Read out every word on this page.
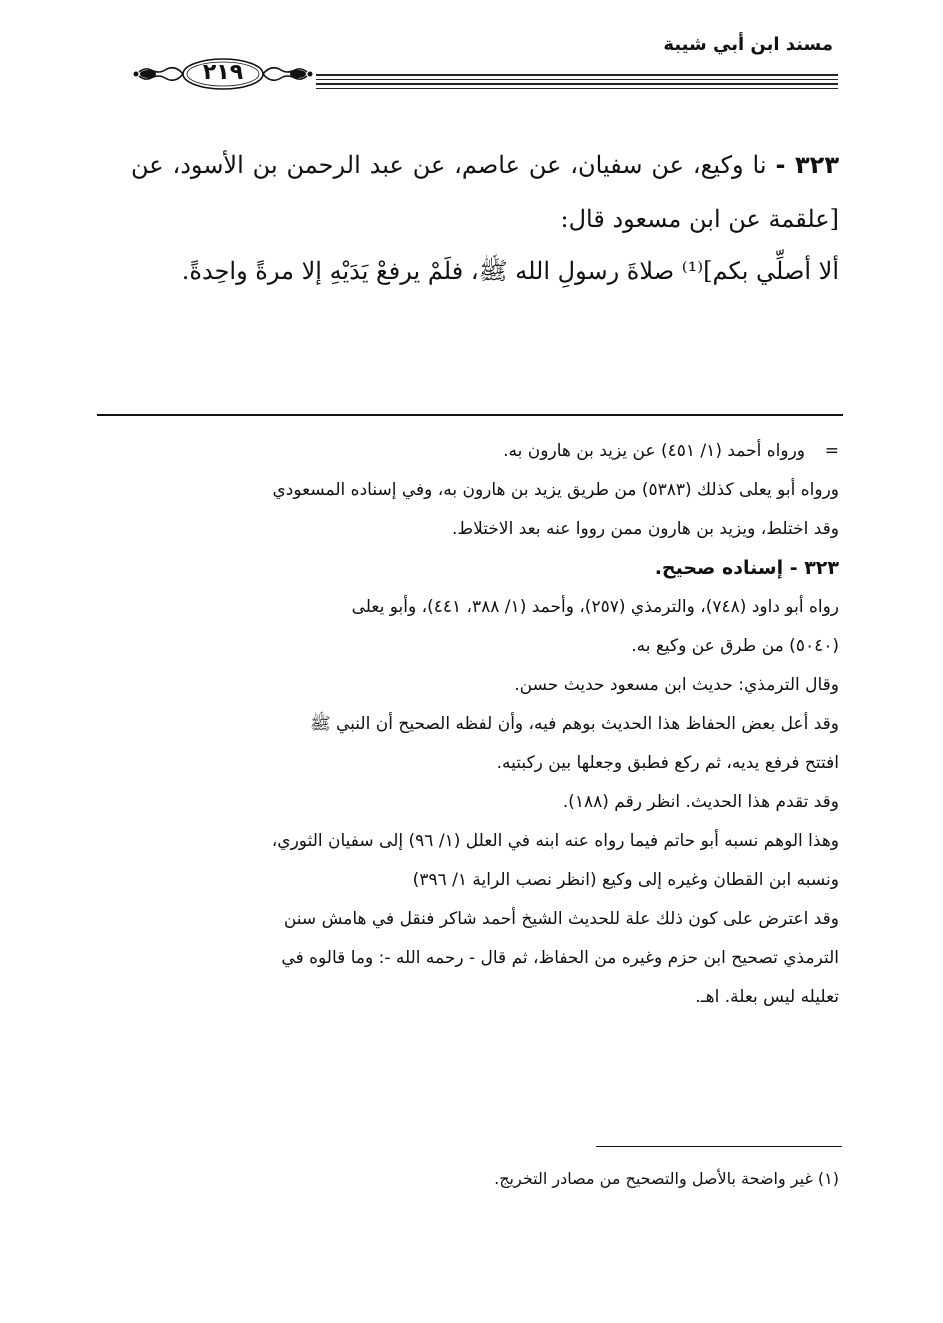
مسند ابن أبي شيبة
٢١٩
٣٢٣ - نا وكيع، عن سفيان، عن عاصم، عن عبد الرحمن بن الأسود، عن [علقمة عن ابن مسعود قال:
ألا أصلِّي بكم]⁽¹⁾ صلاةَ رسولِ الله ﷺ، فلَمْ يرفعْ يَدَيْهِ إلا مرةً واحِدةً.
=ورواه أحمد (١/ ٤٥١) عن يزيد بن هارون به.
ورواه أبو يعلى كذلك (٥٣٨٣) من طريق يزيد بن هارون به، وفي إسناده المسعودي
وقد اختلط، ويزيد بن هارون ممن رووا عنه بعد الاختلاط.
٣٢٣ - إسناده صحيح.
رواه أبو داود (٧٤٨)، والترمذي (٢٥٧)، وأحمد (١/ ٣٨٨، ٤٤١)، وأبو يعلى
(٥٠٤٠) من طرق عن وكيع به.
وقال الترمذي: حديث ابن مسعود حديث حسن.
وقد أعل بعض الحفاظ هذا الحديث بوهم فيه، وأن لفظه الصحيح أن النبي ﷺ
افتتح فرفع يديه، ثم ركع فطبق وجعلها بين ركبتيه.
وقد تقدم هذا الحديث. انظر رقم (١٨٨).
وهذا الوهم نسبه أبو حاتم فيما رواه عنه ابنه في العلل (١/ ٩٦) إلى سفيان الثوري،
ونسبه ابن القطان وغيره إلى وكيع (انظر نصب الراية ١/ ٣٩٦)
وقد اعترض على كون ذلك علة للحديث الشيخ أحمد شاكر فنقل في هامش سنن
الترمذي تصحيح ابن حزم وغيره من الحفاظ، ثم قال - رحمه الله -: وما قالوه في
تعليله ليس بعلة. اهـ.
(١) غير واضحة بالأصل والتصحيح من مصادر التخريج.
